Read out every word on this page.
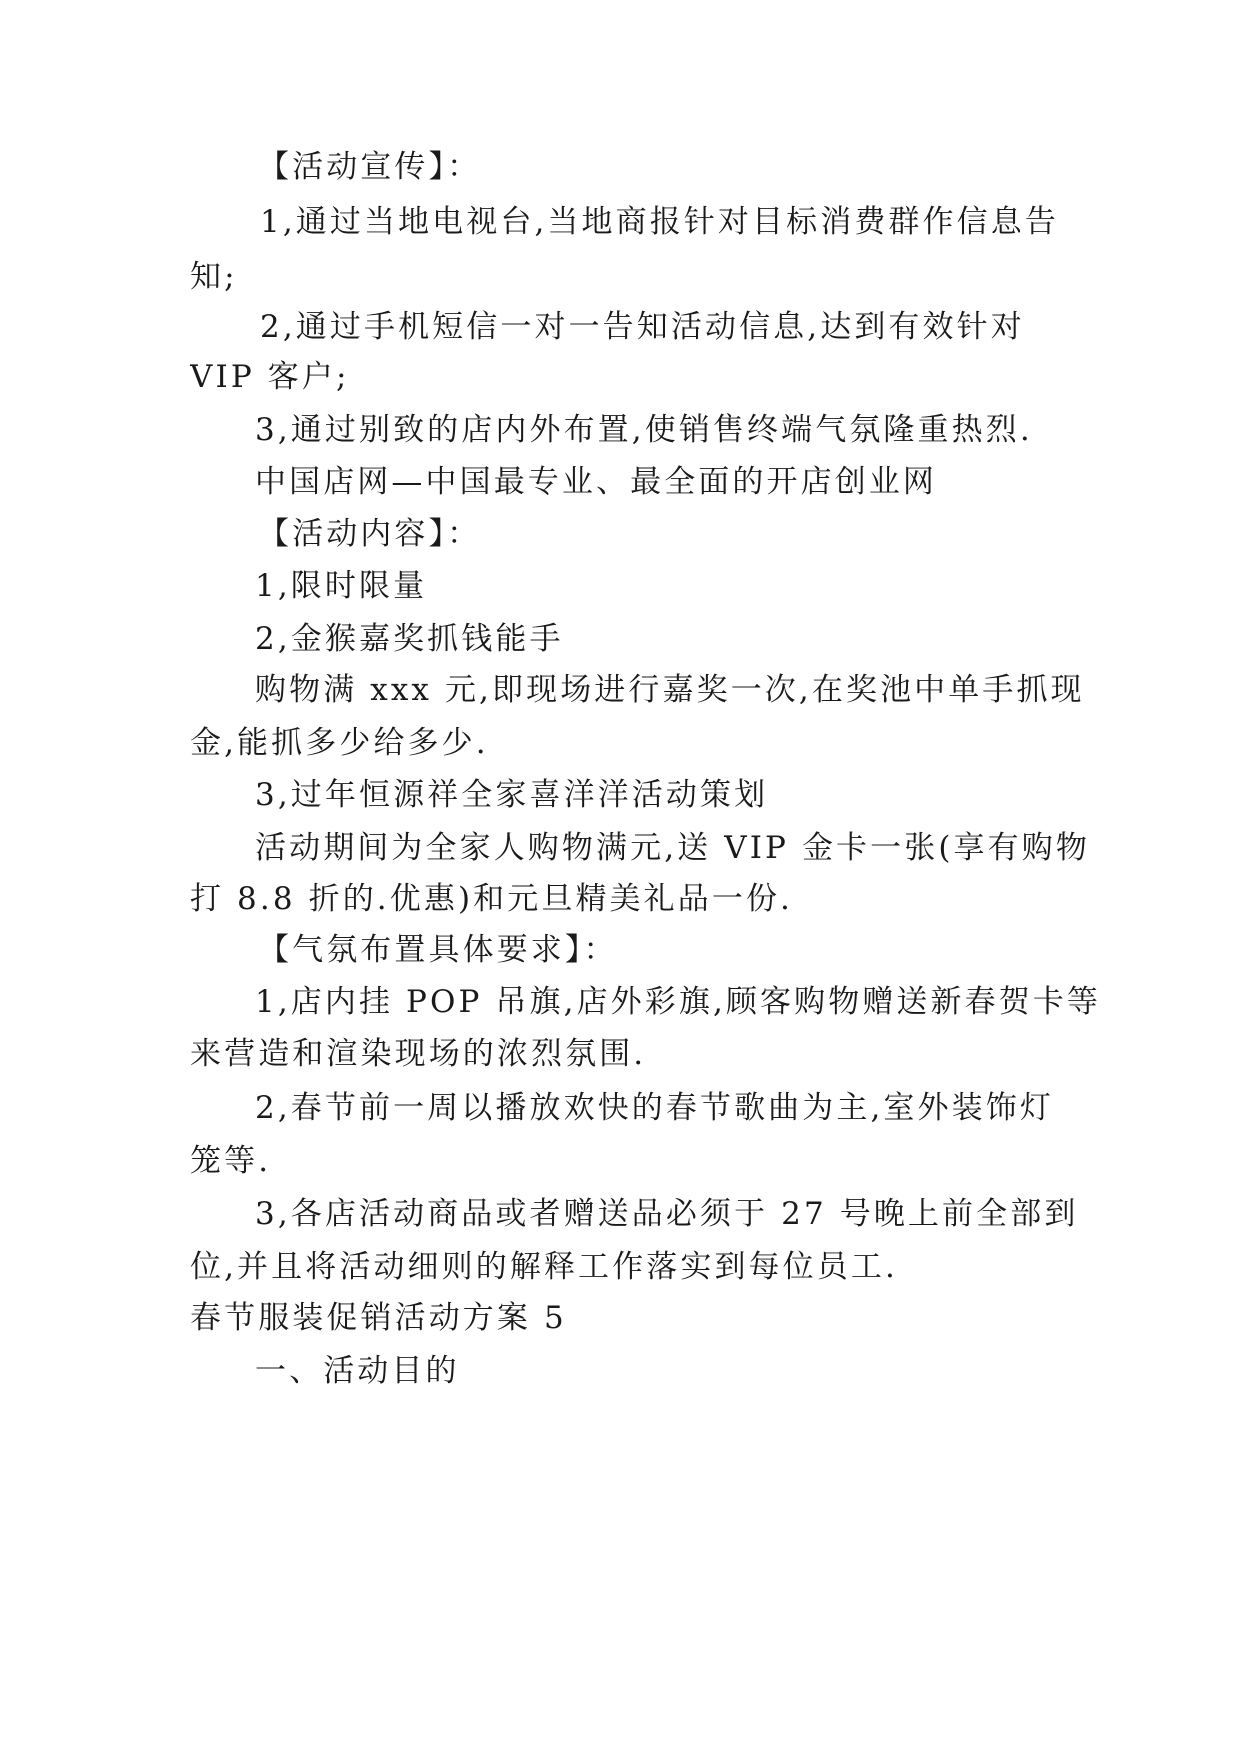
【活动宣传】：
1,通过当地电视台,当地商报针对目标消费群作信息告
知;
2,通过手机短信一对一告知活动信息,达到有效针对
VIP 客户;
3,通过别致的店内外布置,使销售终端气氛隆重热烈.
中国店网—中国最专业、最全面的开店创业网
【活动内容】：
1,限时限量
2,金猴嘉奖抓钱能手
购物满 xxx 元,即现场进行嘉奖一次,在奖池中单手抓现
金,能抓多少给多少.
3,过年恒源祥全家喜洋洋活动策划
活动期间为全家人购物满元,送 VIP 金卡一张(享有购物
打 8.8 折的.优惠)和元旦精美礼品一份.
【气氛布置具体要求】：
1,店内挂 POP 吊旗,店外彩旗,顾客购物赠送新春贺卡等
来营造和渲染现场的浓烈氛围.
2,春节前一周以播放欢快的春节歌曲为主,室外装饰灯
笼等.
3,各店活动商品或者赠送品必须于 27 号晚上前全部到
位,并且将活动细则的解释工作落实到每位员工.
春节服装促销活动方案 5
一、活动目的
